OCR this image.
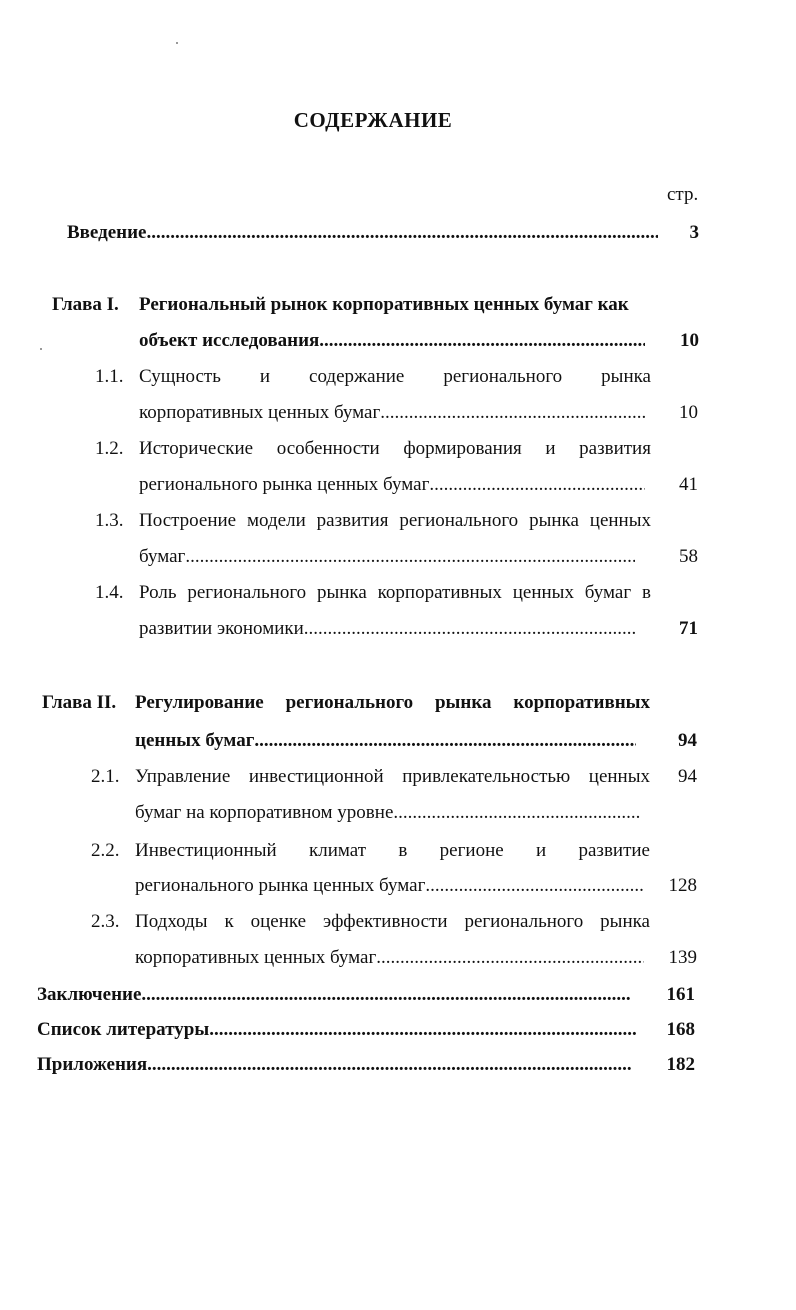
СОДЕРЖАНИЕ
стр.
Введение .....	3
Глава I. Региональный рынок корпоративных ценных бумаг как
объект исследования .....	10
1.1. Сущность и содержание регионального рынка
корпоративных ценных бумаг .....	10
1.2. Исторические особенности формирования и развития
регионального рынка ценных бумаг .....	41
1.3. Построение модели развития регионального рынка ценных
бумаг .....	58
1.4. Роль регионального рынка корпоративных ценных бумаг в
развитии экономики .....	71
Глава II. Регулирование регионального рынка корпоративных
ценных бумаг .....	94
2.1. Управление инвестиционной привлекательностью ценных	94
бумаг на корпоративном уровне
.....
2.2. Инвестиционный климат в регионе и развитие
регионального рынка ценных бумаг .....	128
2.3. Подходы к оценке эффективности регионального рынка
корпоративных ценных бумаг .....	139
Заключение .....	161
Список литературы .....	168
Приложения .....	182
